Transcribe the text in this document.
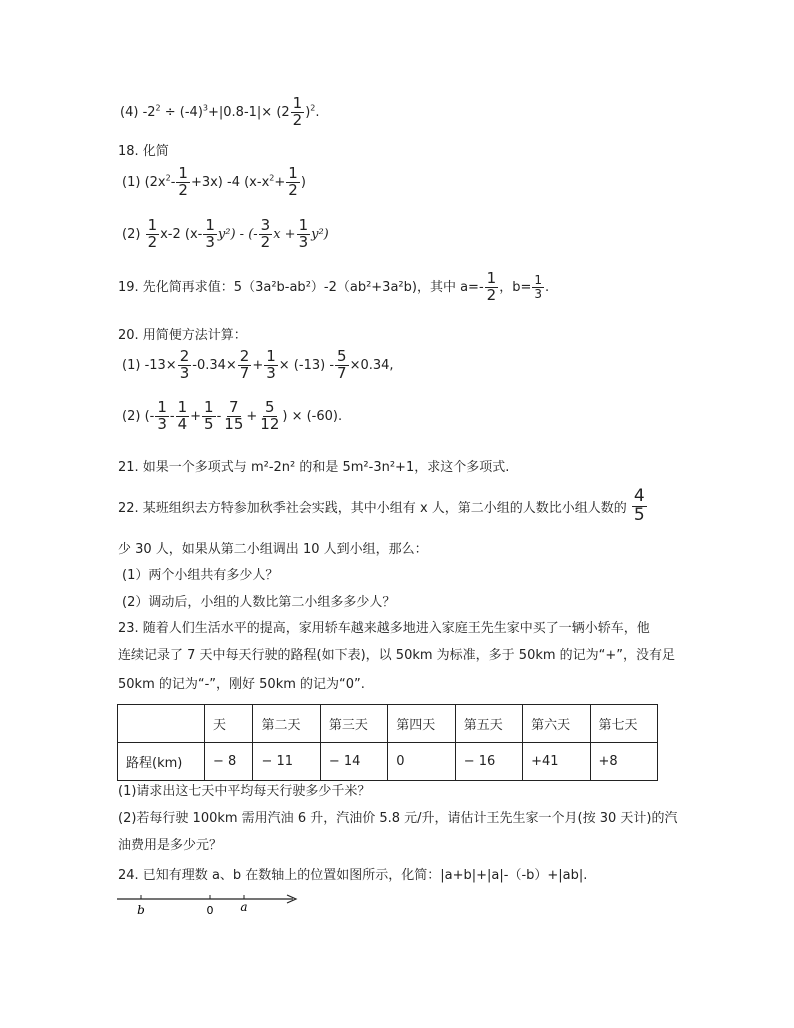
(4) $-2^2 \div (-4)^3+|0.8-1|\times (2 \frac{1}{2} )^2$.
18. 化简
(1) $(2x^2- \frac{1}{2} +3x)$ -4 ($x-x^2+ \frac{1}{2}$ )
$(2) \frac{1}{2} x-2$ $(x- \frac{1}{3} y^2)$ - (- $\frac{3}{2}$ $x + \frac{1}{3} y^2$)
19. 先化简再求值：5（3a²b-ab²）-2（ab²+3a²b)，其中 $a=- \frac{1}{2}$ ，$b= \frac{1}{3}$ .
20. 用简便方法计算：
(1) $-13\times \frac{2}{3} -0.34\times \frac{2}{7} + \frac{1}{3} \times (-13) - \frac{5}{7} \times 0.34$,
(2) (- $\frac{1}{3} - \frac{1}{4} + \frac{1}{5} - \frac{7}{15} + \frac{5}{12}$ ) × (-60).
21. 如果一个多项式与 m²-2n² 的和是 5m²-3n²+1，求这个多项式.
22. 某班组织去方特参加秋季社会实践，其中小组有 x 人，第二小组的人数比小组人数的 $\frac{4}{5}$
少 30 人，如果从第二小组调出 10 人到小组，那么：
(1）两个小组共有多少人？
(2）调动后，小组的人数比第二小组多多少人？
23. 随着人们生活水平的提高，家用轿车越来越多地进入家庭王先生家中买了一辆小轿车，他
连续记录了 7 天中每天行驶的路程(如下表)，以 50km 为标准，多于 50km 的记为“+”，没有足
50km 的记为“-”，刚好 50km 的记为“0”.
	天	第二天	第三天	第四天	第五天	第六天	第七天
路程(km)	− 8	− 11	− 14	0	− 16	+41	+8
(1)请求出这七天中平均每天行驶多少千米？
(2)若每行驶 100km 需用汽油 6 升，汽油价 5.8 元/升，请估计王先生家一个月(按 30 天计)的汽
油费用是多少元？
24. 已知有理数 a、b 在数轴上的位置如图所示，化简：|a+b|+|a|-（-b）+|ab|.
b	0 a
